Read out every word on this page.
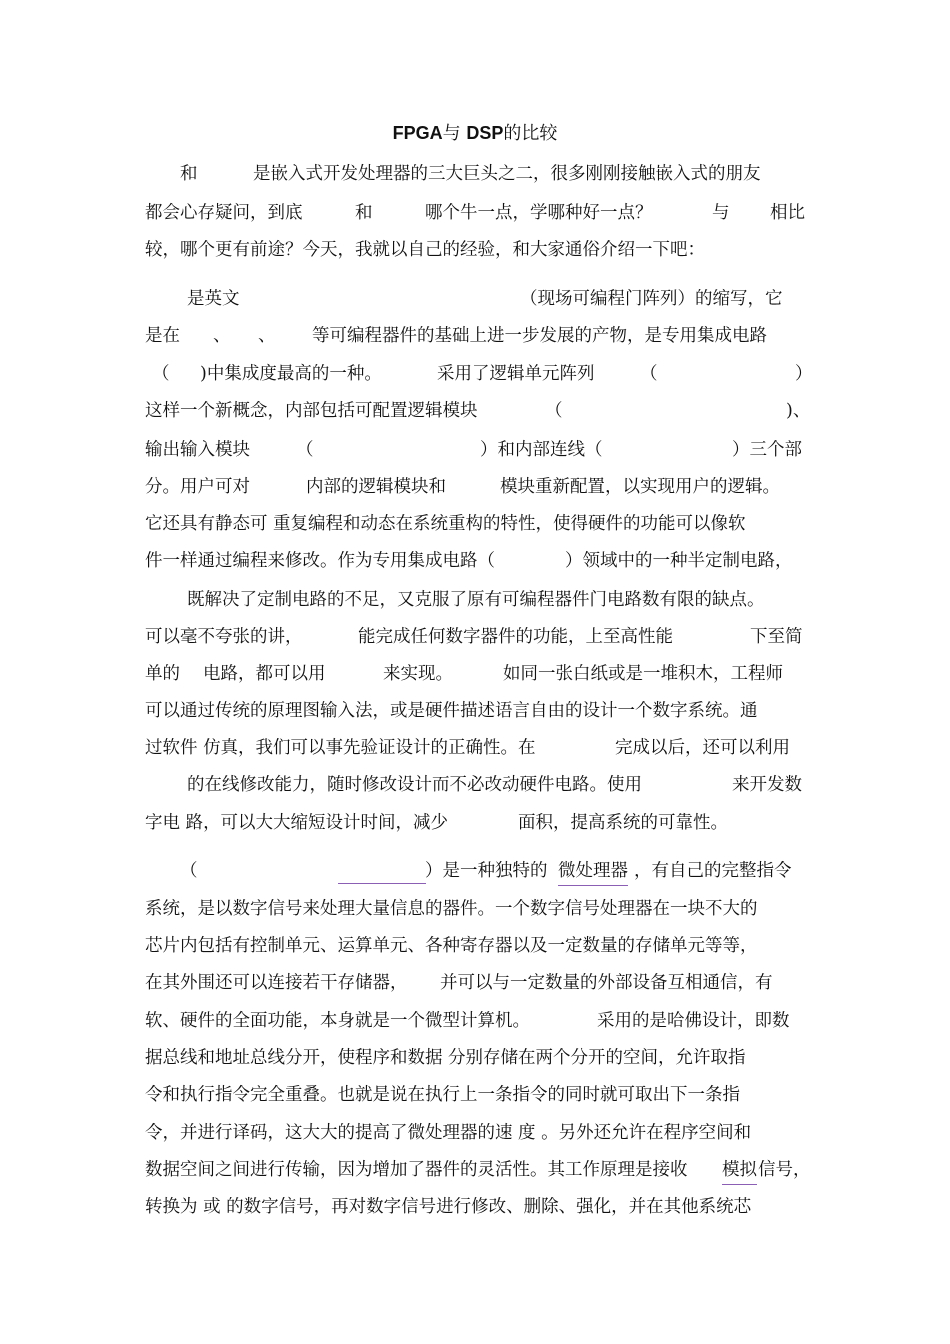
FPGA与 DSP的比较
和	是嵌入式开发处理器的三大巨头之二，很多刚刚接触嵌入式的朋友
都会心存疑问，到底	和	哪个牛一点，学哪种好一点？	与 相比
较，哪个更有前途？今天，我就以自己的经验，和大家通俗介绍一下吧：
是英文	（现场可编程门阵列）的缩写，它
是在 、 、 等可编程器件的基础上进一步发展的产物，是专用集成电路
（ )中集成度最高的一种。	采用了逻辑单元阵列	（	）
这样一个新概念，内部包括可配置逻辑模块	（	)、
输出输入模块	（	）和内部连线（	）三个部
分。用户可对	内部的逻辑模块和	模块重新配置，以实现用户的逻辑。
它还具有静态可 重复编程和动态在系统重构的特性，使得硬件的功能可以像软
件一样通过编程来修改。作为专用集成电路（	）领域中的一种半定制电路，
既解决了定制电路的不足，又克服了原有可编程器件门电路数有限的缺点。
可以毫不夸张的讲，	能完成任何数字器件的功能，上至高性能	下至简
单的 电路，都可以用	来实现。	如同一张白纸或是一堆积木，工程师
可以通过传统的原理图输入法，或是硬件描述语言自由的设计一个数字系统。通
过软件 仿真，我们可以事先验证设计的正确性。在	完成以后，还可以利用
的在线修改能力，随时修改设计而不必改动硬件电路。使用	来开发数
字电 路，可以大大缩短设计时间，减少	面积，提高系统的可靠性。
（	）是一种独特的 微处理器 ，有自己的完整指令
系统，是以数字信号来处理大量信息的器件。一个数字信号处理器在一块不大的
芯片内包括有控制单元、运算单元、各种寄存器以及一定数量的存储单元等等，
在其外围还可以连接若干存储器， 并可以与一定数量的外部设备互相通信，有
软、硬件的全面功能，本身就是一个微型计算机。	采用的是哈佛设计，即数
据总线和地址总线分开，使程序和数据 分别存储在两个分开的空间，允许取指
令和执行指令完全重叠。也就是说在执行上一条指令的同时就可取出下一条指
令，并进行译码，这大大的提高了微处理器的速 度 。另外还允许在程序空间和
数据空间之间进行传输，因为增加了器件的灵活性。其工作原理是接收 模拟 信号，
转换为 或 的数字信号，再对数字信号进行修改、删除、强化，并在其他系统芯
